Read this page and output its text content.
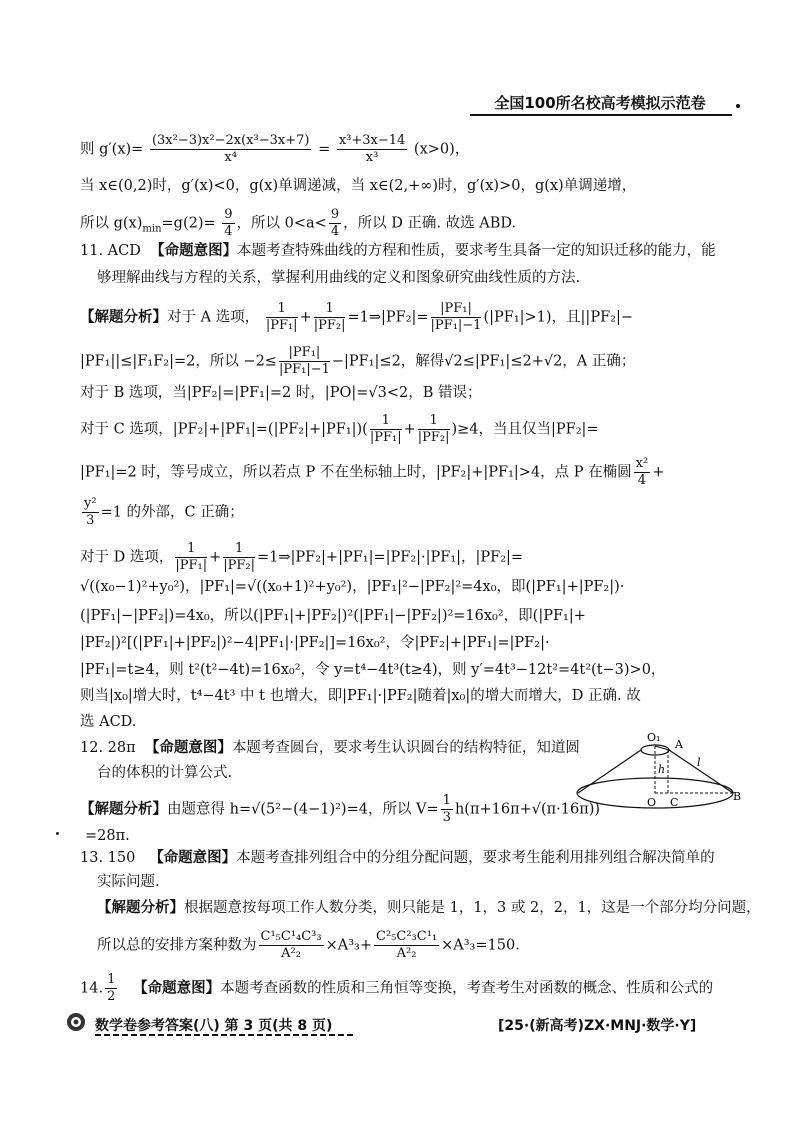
全国100所名校高考模拟示范卷
则 $g'(x)= \frac{\text{(3x²−3)x²−2x(x³−3x+7)}}{\text{x⁴}} = \frac{\text{x³+3x−14}}{\text{x³}} (x>0)$，
当 x∈(0,2)时，g′(x)<0，g(x)单调递减，当 x∈(2,+∞)时，g′(x)>0，g(x)单调递增，
所以 $g(x)_{min}=g(2)= \frac{9}{4}$ ，所以 $0<a< \frac{9}{4}$ ，所以 D 正确. 故选 ABD.
11. ACD 【命题意图】本题考查特殊曲线的方程和性质，要求考生具备一定的知识迁移的能力，能
够理解曲线与方程的关系，掌握利用曲线的定义和图象研究曲线性质的方法.
【解题分析】对于 A 选项， $\frac{1}{\text{|PF₁|}} + \frac{1}{\text{|PF₂|}}$ =1⇒|PF₂|= $\frac{\text{|PF₁|}}{\text{|PF₁|−1}} (|PF_1|>1)$，且||PF₂|−
|PF₁||≤|F₁F₂|=2，所以 $-2\le \frac{\text{|PF₁|}}{\text{|PF₁|−1}} -|PF_1|\le 2$，解得√2≤|PF₁|≤2+√2，A 正确；
对于 B 选项，当|PF₂|=|PF₁|=2 时，|PO|=√3<2，B 错误；
对于 C 选项，$|PF_2|+|PF_1|=(|PF_2|+|PF_1|)( \frac{1}{\text{|PF₁|}} + \frac{1}{\text{|PF₂|}} )\ge 4$，当且仅当|PF₂|=
|PF₁|=2 时，等号成立，所以若点 P 不在坐标轴上时，|PF₂|+|PF₁|>4，点 P 在椭圆 $\frac{\text{x²}}{4}$ +
$\frac{\text{y²}}{3} =1$ 的外部，C 正确；
对于 D 选项， $\frac{1}{\text{|PF₁|}} + \frac{1}{\text{|PF₂|}}$ =1⇒|PF₂|+|PF₁|=|PF₂|·|PF₁|，|PF₂|=
√((x₀−1)²+y₀²)，|PF₁|=√((x₀+1)²+y₀²)，|PF₁|²−|PF₂|²=4x₀，即(|PF₁|+|PF₂|)·
(|PF₁|−|PF₂|)=4x₀，所以(|PF₁|+|PF₂|)²(|PF₁|−|PF₂|)²=16x₀²，即(|PF₁|+
|PF₂|)²[(|PF₁|+|PF₂|)²−4|PF₁|·|PF₂|]=16x₀²，令|PF₂|+|PF₁|=|PF₂|·
|PF₁|=t≥4，则 t²(t²−4t)=16x₀²，令 y=t⁴−4t³(t≥4)，则 y′=4t³−12t²=4t²(t−3)>0，
则当|x₀|增大时，t⁴−4t³ 中 t 也增大，即|PF₁|·|PF₂|随着|x₀|的增大而增大，D 正确. 故
选 ACD.
12. 28π 【命题意图】本题考查圆台，要求考生认识圆台的结构特征，知道圆
台的体积的计算公式.
【解题分析】由题意得 h=√(5²−(4−1)²)=4，所以 $V= \frac{1}{3} h(\pi+16\pi+√(\pi\cdot 16\pi))$
=28π.
O₁
A
h
l
O C	B
13. 150 【命题意图】本题考查排列组合中的分组分配问题，要求考生能利用排列组合解决简单的
实际问题.
【解题分析】根据题意按每项工作人数分类，则只能是 1，1，3 或 2，2，1，这是一个部分均分问题，
所以总的安排方案种数为 $\frac{\text{C¹₅C¹₄C³₃}}{\text{A²₂}} \times A^3_3+ \frac{\text{C²₅C²₃C¹₁}}{\text{A²₂}} \times A^3_3=150$.
14. $\frac{1}{2}$ 【命题意图】本题考查函数的性质和三角恒等变换，考查考生对函数的概念、性质和公式的
数学卷参考答案(八) 第 3 页(共 8 页)	[25·(新高考)ZX·MNJ·数学·Y]
